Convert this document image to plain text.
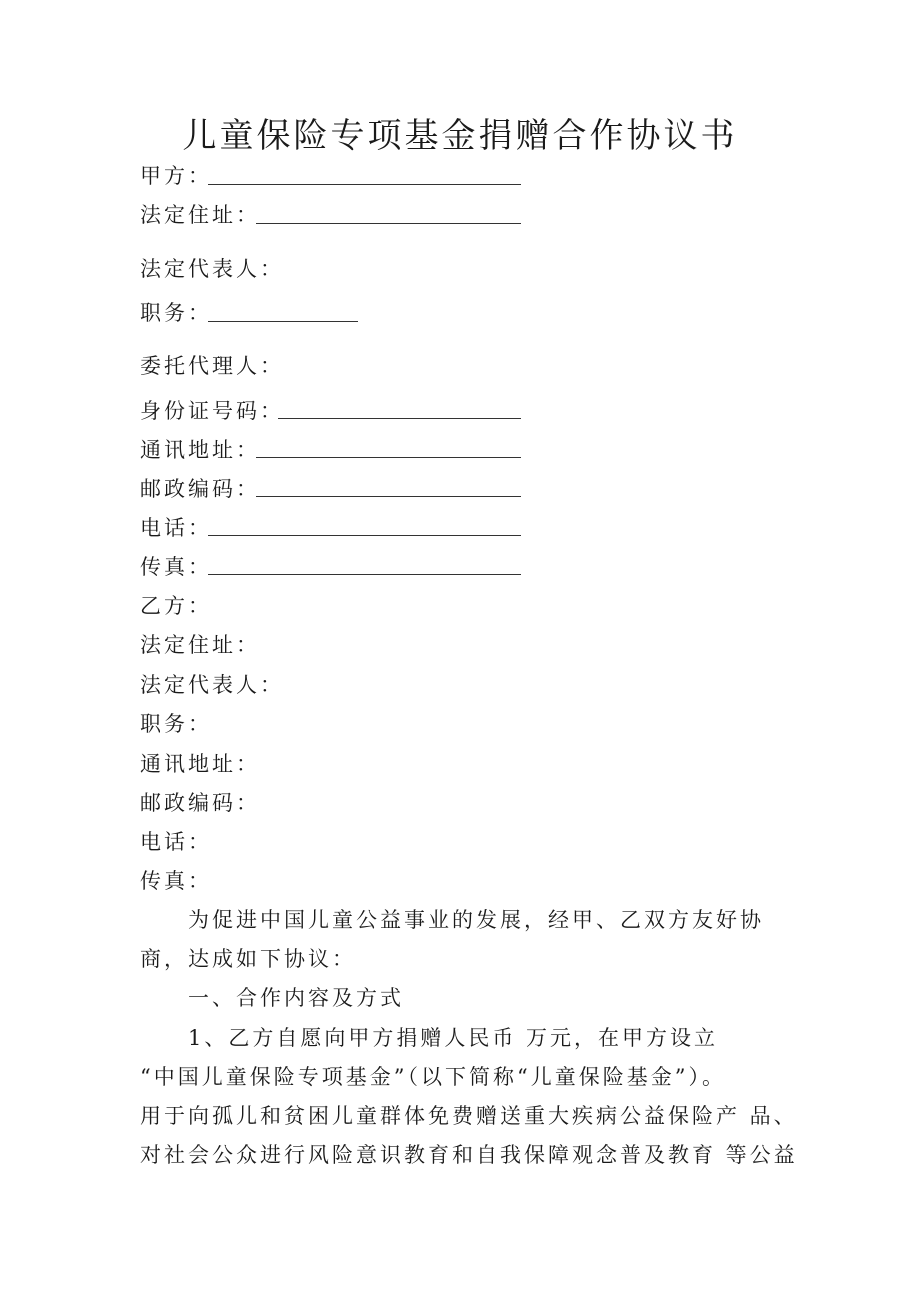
儿童保险专项基金捐赠合作协议书
甲方：
法定住址：
法定代表人：
职务：
委托代理人：
身份证号码：
通讯地址：
邮政编码：
电话：
传真：
乙方：
法定住址：
法定代表人：
职务：
通讯地址：
邮政编码：
电话：
传真：
为促进中国儿童公益事业的发展，经甲、乙双方友好协
商，达成如下协议：
一、合作内容及方式
1、乙方自愿向甲方捐赠人民币 万元，在甲方设立
“中国儿童保险专项基金”（以下简称“儿童保险基金”）。
用于向孤儿和贫困儿童群体免费赠送重大疾病公益保险产 品、
对社会公众进行风险意识教育和自我保障观念普及教育 等公益
